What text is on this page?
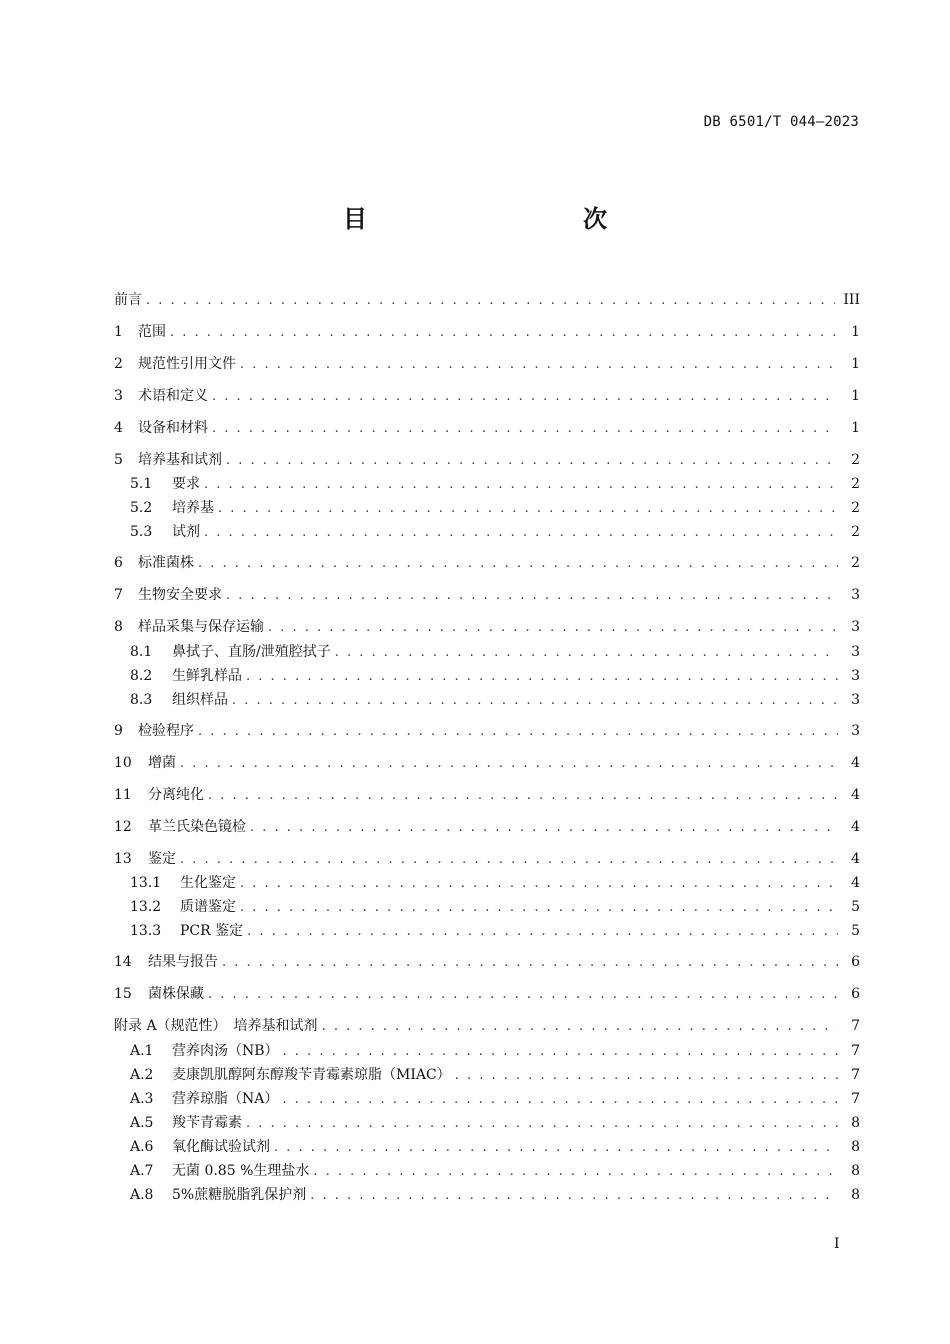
DB 6501/T 044—2023
目　　次
前言 . . .	III
1	范围 . . .	1
2	规范性引用文件 . . .	1
3	术语和定义 . . .	1
4	设备和材料 . . .	1
5	培养基和试剂 . . .	2
5.1	要求 . . .	2
5.2	培养基 . . .	2
5.3	试剂 . . .	2
6	标准菌株 . . .	2
7	生物安全要求 . . .	3
8	样品采集与保存运输 . . .	3
8.1	鼻拭子、直肠/泄殖腔拭子 . . .	3
8.2	生鲜乳样品 . . .	3
8.3	组织样品 . . .	3
9	检验程序 . . .	3
10	增菌 . . .	4
11	分离纯化 . . .	4
12	革兰氏染色镜检 . . .	4
13	鉴定 . . .	4
13.1	生化鉴定 . . .	4
13.2	质谱鉴定 . . .	5
13.3	PCR 鉴定 . . .	5
14	结果与报告 . . .	6
15	菌株保藏 . . .	6
附录 A（规范性）　培养基和试剂 . . .	7
A.1	营养肉汤（NB） . . .	7
A.2	麦康凯肌醇阿东醇羧苄青霉素琼脂（MIAC） . . .	7
A.3	营养琼脂（NA） . . .	7
A.5	羧苄青霉素 . . .	8
A.6	氧化酶试验试剂 . . .	8
A.7	无菌 0.85 %生理盐水 . . .	8
A.8	5%蔗糖脱脂乳保护剂 . . .	8
I
